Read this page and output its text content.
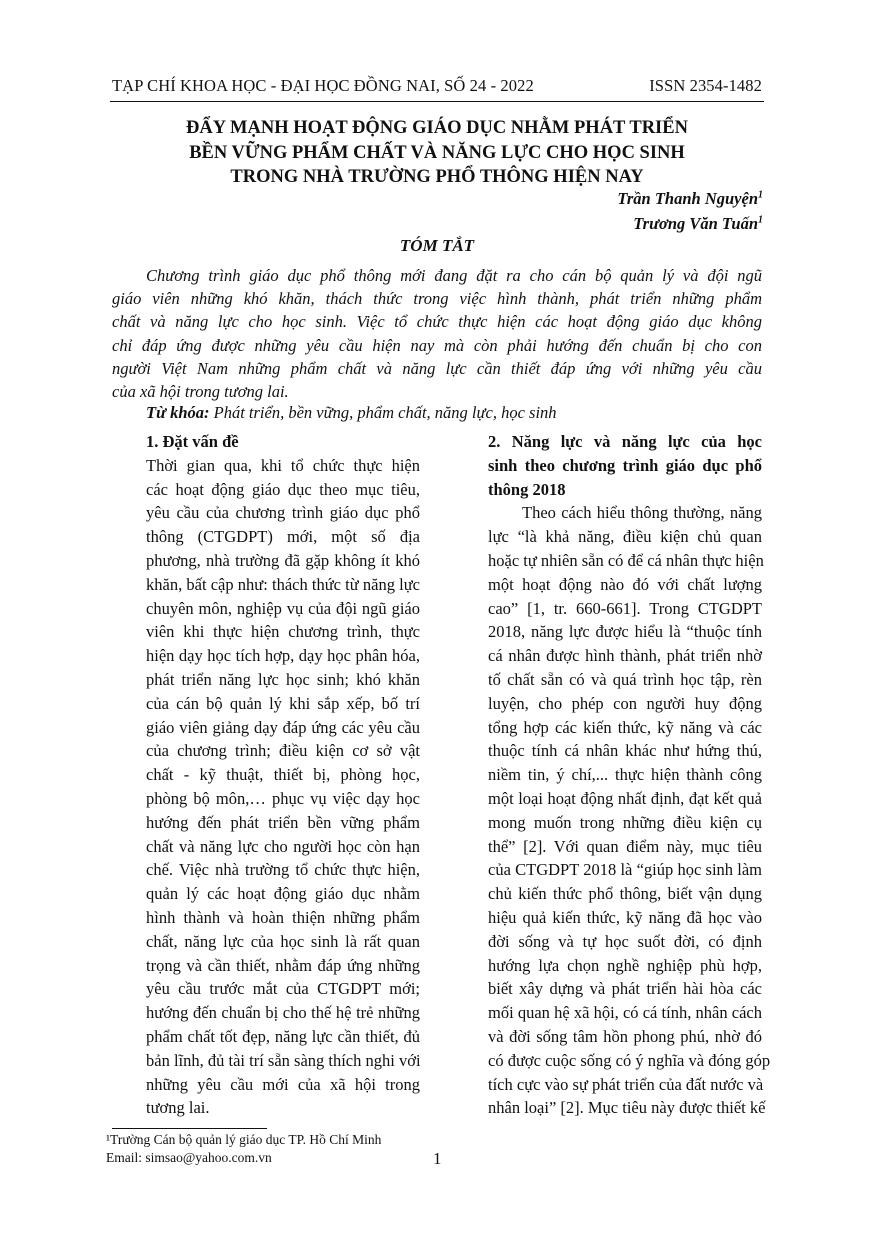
TẠP CHÍ KHOA HỌC - ĐẠI HỌC ĐỒNG NAI, SỐ 24 - 2022	ISSN 2354-1482
ĐẨY MẠNH HOẠT ĐỘNG GIÁO DỤC NHẰM PHÁT TRIỂN
BỀN VỮNG PHẨM CHẤT VÀ NĂNG LỰC CHO HỌC SINH
TRONG NHÀ TRƯỜNG PHỔ THÔNG HIỆN NAY
Trần Thanh Nguyện$^1$
Trương Văn Tuấn$^1$
TÓM TẮT
Chương trình giáo dục phổ thông mới đang đặt ra cho cán bộ quản lý và đội ngũ
giáo viên những khó khăn, thách thức trong việc hình thành, phát triển những phẩm
chất và năng lực cho học sinh. Việc tổ chức thực hiện các hoạt động giáo dục không
chỉ đáp ứng được những yêu cầu hiện nay mà còn phải hướng đến chuẩn bị cho con
người Việt Nam những phẩm chất và năng lực cần thiết đáp ứng với những yêu cầu
của xã hội trong tương lai.
Từ khóa: Phát triển, bền vững, phẩm chất, năng lực, học sinh
1. Đặt vấn đề
Thời gian qua, khi tổ chức thực hiện
các hoạt động giáo dục theo mục tiêu,
yêu cầu của chương trình giáo dục phổ
thông (CTGDPT) mới, một số địa
phương, nhà trường đã gặp không ít khó
khăn, bất cập như: thách thức từ năng lực
chuyên môn, nghiệp vụ của đội ngũ giáo
viên khi thực hiện chương trình, thực
hiện dạy học tích hợp, dạy học phân hóa,
phát triển năng lực học sinh; khó khăn
của cán bộ quản lý khi sắp xếp, bố trí
giáo viên giảng dạy đáp ứng các yêu cầu
của chương trình; điều kiện cơ sở vật
chất - kỹ thuật, thiết bị, phòng học,
phòng bộ môn,… phục vụ việc dạy học
hướng đến phát triển bền vững phẩm
chất và năng lực cho người học còn hạn
chế. Việc nhà trường tổ chức thực hiện,
quản lý các hoạt động giáo dục nhằm
hình thành và hoàn thiện những phẩm
chất, năng lực của học sinh là rất quan
trọng và cần thiết, nhằm đáp ứng những
yêu cầu trước mắt của CTGDPT mới;
hướng đến chuẩn bị cho thế hệ trẻ những
phẩm chất tốt đẹp, năng lực cần thiết, đủ
bản lĩnh, đủ tài trí sẵn sàng thích nghi với
những yêu cầu mới của xã hội trong
tương lai.
2. Năng lực và năng lực của học
sinh theo chương trình giáo dục phổ
thông 2018
Theo cách hiểu thông thường, năng
lực “là khả năng, điều kiện chủ quan
hoặc tự nhiên sẵn có để cá nhân thực hiện
một hoạt động nào đó với chất lượng
cao” [1, tr. 660-661]. Trong CTGDPT
2018, năng lực được hiểu là “thuộc tính
cá nhân được hình thành, phát triển nhờ
tố chất sẵn có và quá trình học tập, rèn
luyện, cho phép con người huy động
tổng hợp các kiến thức, kỹ năng và các
thuộc tính cá nhân khác như hứng thú,
niềm tin, ý chí,... thực hiện thành công
một loại hoạt động nhất định, đạt kết quả
mong muốn trong những điều kiện cụ
thể” [2]. Với quan điểm này, mục tiêu
của CTGDPT 2018 là “giúp học sinh làm
chủ kiến thức phổ thông, biết vận dụng
hiệu quả kiến thức, kỹ năng đã học vào
đời sống và tự học suốt đời, có định
hướng lựa chọn nghề nghiệp phù hợp,
biết xây dựng và phát triển hài hòa các
mối quan hệ xã hội, có cá tính, nhân cách
và đời sống tâm hồn phong phú, nhờ đó
có được cuộc sống có ý nghĩa và đóng góp
tích cực vào sự phát triển của đất nước và
nhân loại” [2]. Mục tiêu này được thiết kế
¹Trường Cán bộ quản lý giáo dục TP. Hồ Chí Minh
Email: simsao@yahoo.com.vn	1
